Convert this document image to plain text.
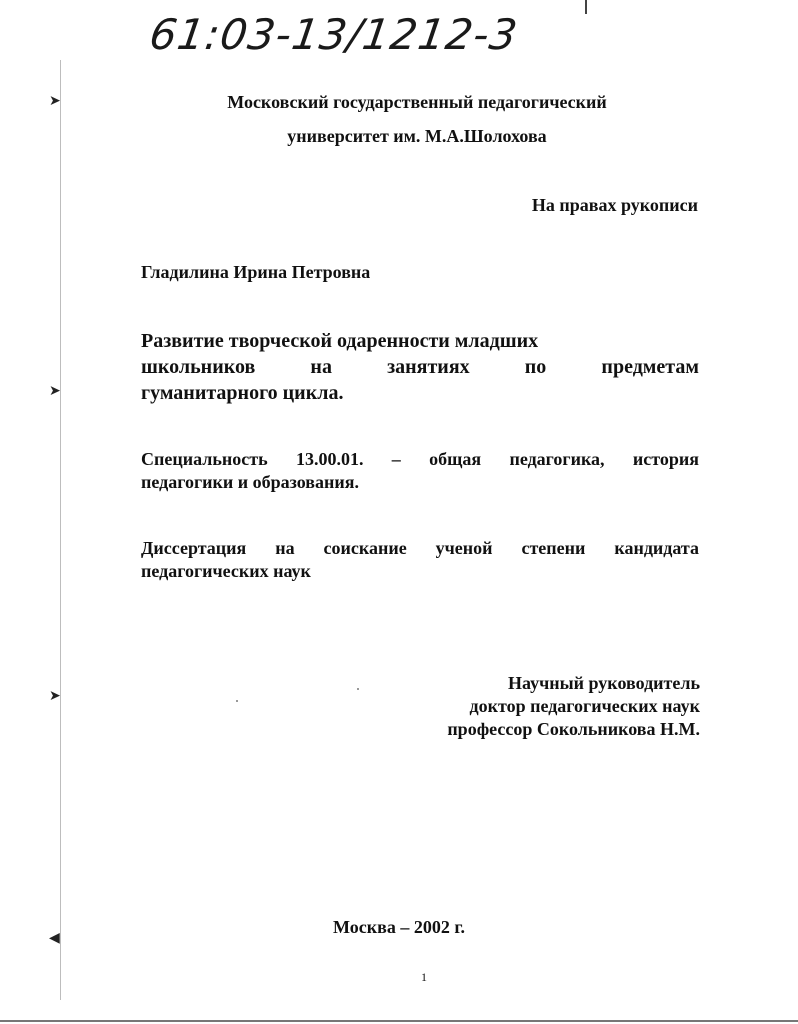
➤
➤
➤
◀
61:03-13/1212-3
Московский государственный педагогический
университет им. М.А.Шолохова
На правах рукописи
Гладилина Ирина Петровна
Развитие творческой одаренности младших
школьников на занятиях по предметам
гуманитарного цикла.
Специальность 13.00.01. – общая педагогика, история
педагогики и образования.
Диссертация на соискание ученой степени кандидата
педагогических наук
Научный руководитель
доктор педагогических наук
профессор Сокольникова Н.М.
Москва – 2002 г.
1
